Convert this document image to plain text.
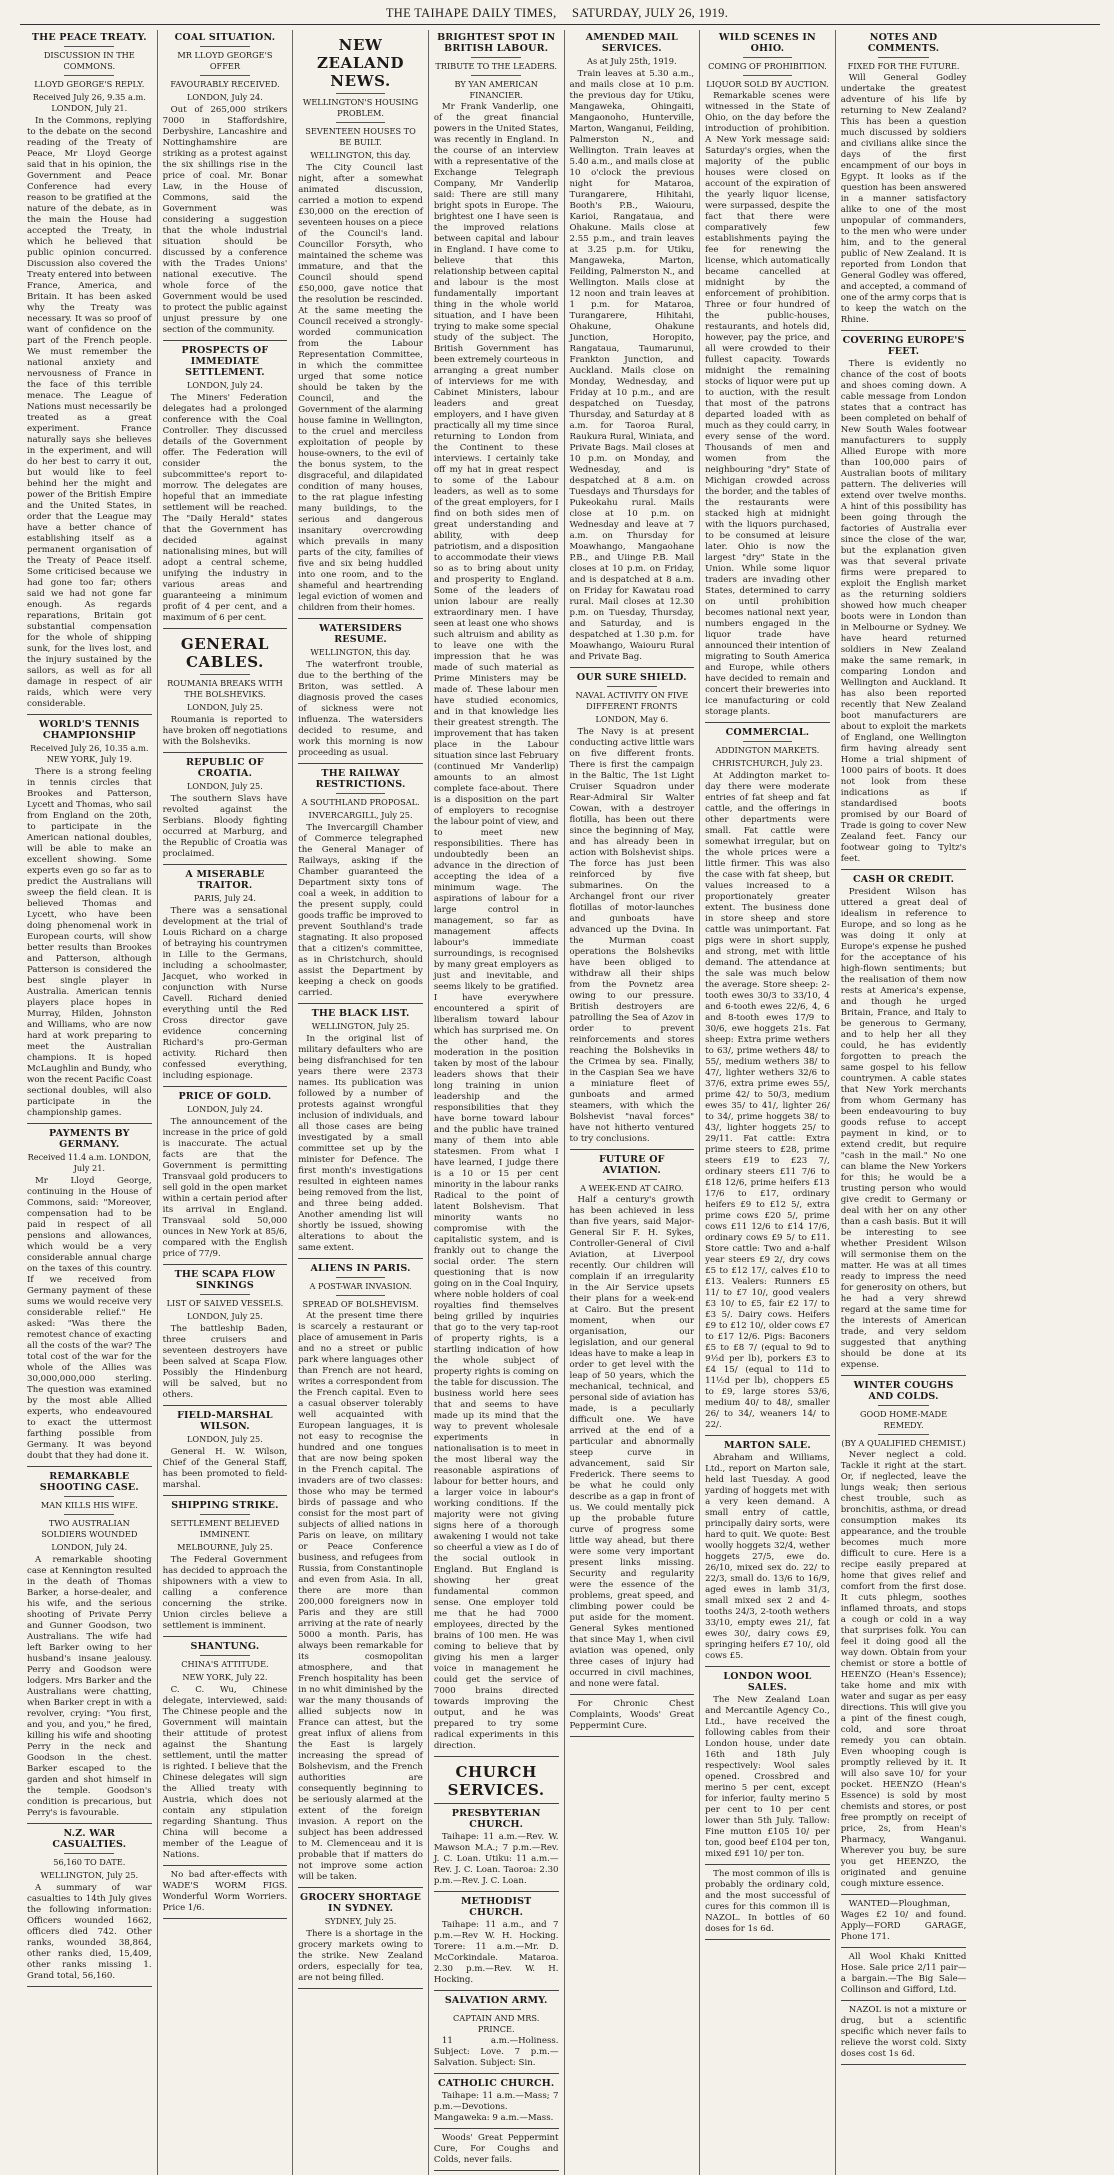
THE TAIHAPE DAILY TIMES, SATURDAY, JULY 26, 1919.
THE PEACE TREATY.
DISCUSSION IN THE COMMONS.
LLOYD GEORGE'S REPLY.
Received July 26, 9.35 a.m. LONDON, July 21.

In the Commons, replying to the debate on the second reading of the Treaty of Peace, Mr Lloyd George said that in his opinion, the Government and Peace Conference had every reason to be gratified at the nature of the debate, as in the main the House had accepted the Treaty, in which he believed that public opinion concurred. Discussion also covered the Treaty entered into between France, America, and Britain. It has been asked why the Treaty was necessary. It was so proof of want of confidence on the part of the French people. We must remember the national anxiety and nervousness of France in the face of this terrible menace. The League of Nations must necessarily be treated as a great experiment. France naturally says she believes in the experiment, and will do her best to carry it out, but would like to feel behind her the might and power of the British Empire and the United States, in order that the League may have a better chance of establishing itself as a permanent organisation of the Treaty of Peace itself. Some criticised because we had gone too far; others said we had not gone far enough. As regards reparations, Britain got substantial compensation for the whole of shipping sunk, for the lives lost, and the injury sustained by the sailors, as well as for all damage in respect of air raids, which were very considerable.

WORLD'S TENNIS CHAMPIONSHIP
Received July 26, 10.35 a.m. NEW YORK, July 19.

There is a strong feeling in tennis circles that Brookes and Patterson, Lycett and Thomas, who sail from England on the 20th, to participate in the American national doubles, will be able to make an excellent showing. Some experts even go so far as to predict the Australians will sweep the field clean. It is believed Thomas and Lycett, who have been doing phenomenal work in European courts, will show better results than Brookes and Patterson, although Patterson is considered the best single player in Australia. American tennis players place hopes in Murray, Hilden, Johnston and Williams, who are now hard at work preparing to meet the Australian champions. It is hoped McLaughlin and Bundy, who won the recent Pacific Coast sectional doubles, will also participate in the championship games.

PAYMENTS BY GERMANY.
Received 11.4 a.m. LONDON, July 21.

Mr Lloyd George, continuing in the House of Commons, said: "Moreover, compensation had to be paid in respect of all pensions and allowances, which would be a very considerable annual charge on the taxes of this country. If we received from Germany payment of these sums we would receive very considerable relief." He asked: "Was there the remotest chance of exacting all the costs of the war? The total cost of the war for the whole of the Allies was 30,000,000,000 sterling. The question was examined by the most able Allied experts, who endeavoured to exact the uttermost farthing possible from Germany. It was beyond doubt that they had done it.

REMARKABLE SHOOTING CASE.
MAN KILLS HIS WIFE.
TWO AUSTRALIAN SOLDIERS WOUNDED
LONDON, July 24.

A remarkable shooting case at Kennington resulted in the death of Thomas Barker, a horse-dealer, and his wife, and the serious shooting of Private Perry and Gunner Goodson, two Australians. The wife had left Barker owing to her husband's insane jealousy. Perry and Goodson were lodgers. Mrs Barker and the Australians were chatting, when Barker crept in with a revolver, crying: "You first, and you, and you," he fired, killing his wife and shooting Perry in the neck and Goodson in the chest. Barker escaped to the garden and shot himself in the temple. Goodson's condition is precarious, but Perry's is favourable.

N.Z. WAR CASUALTIES.
56,160 TO DATE.
WELLINGTON, July 25.

A summary of war casualties to 14th July gives the following information: Officers wounded 1662, officers died 742. Other ranks, wounded 38,864, other ranks died, 15,409, other ranks missing 1. Grand total, 56,160.

COAL SITUATION.
MR LLOYD GEORGE'S OFFER
FAVOURABLY RECEIVED.
LONDON, July 24.

Out of 265,000 strikers 7000 in Staffordshire, Derbyshire, Lancashire and Nottinghamshire are striking as a protest against the six shillings rise in the price of coal. Mr. Bonar Law, in the House of Commons, said the Government was considering a suggestion that the whole industrial situation should be discussed by a conference with the Trades Unions' national executive. The whole force of the Government would be used to protect the public against unjust pressure by one section of the community.

PROSPECTS OF IMMEDIATE SETTLEMENT.
LONDON, July 24.

The Miners' Federation delegates had a prolonged conference with the Coal Controller. They discussed details of the Government offer. The Federation will consider the subcommittee's report to-morrow. The delegates are hopeful that an immediate settlement will be reached. The "Daily Herald" states that the Government has decided against nationalising mines, but will adopt a central scheme, unifying the industry in various areas and guaranteeing a minimum profit of 4 per cent, and a maximum of 6 per cent.

GENERAL CABLES.
ROUMANIA BREAKS WITH THE BOLSHEVIKS.
LONDON, July 25.

Roumania is reported to have broken off negotiations with the Bolsheviks.

REPUBLIC OF CROATIA.
LONDON, July 25.

The southern Slavs have revolted against the Serbians. Bloody fighting occurred at Marburg, and the Republic of Croatia was proclaimed.

A MISERABLE TRAITOR.
PARIS, July 24.

There was a sensational development at the trial of Louis Richard on a charge of betraying his countrymen in Lille to the Germans, including a schoolmaster, Jacquet, who worked in conjunction with Nurse Cavell. Richard denied everything until the Red Cross director gave evidence concerning Richard's pro-German activity. Richard then confessed everything, including espionage.

PRICE OF GOLD.
LONDON, July 24.

The announcement of the increase in the price of gold is inaccurate. The actual facts are that the Government is permitting Transvaal gold producers to sell gold in the open market within a certain period after its arrival in England. Transvaal sold 50,000 ounces in New York at 85/6, compared with the English price of 77/9.

THE SCAPA FLOW SINKINGS
LIST OF SALVED VESSELS.
LONDON, July 25.

The battleship Baden, three cruisers and seventeen destroyers have been salved at Scapa Flow. Possibly the Hindenburg will be salved, but no others.

FIELD-MARSHAL WILSON.
LONDON, July 25.

General H. W. Wilson, Chief of the General Staff, has been promoted to field-marshal.

SHIPPING STRIKE.
SETTLEMENT BELIEVED IMMINENT.
MELBOURNE, July 25.

The Federal Government has decided to approach the shipowners with a view to calling a conference concerning the strike. Union circles believe a settlement is imminent.

SHANTUNG.
CHINA'S ATTITUDE.
NEW YORK, July 22.

C. C. Wu, Chinese delegate, interviewed, said: The Chinese people and the Government will maintain their attitude of protest against the Shantung settlement, until the matter is righted. I believe that the Chinese delegates will sign the Allied treaty with Austria, which does not contain any stipulation regarding Shantung. Thus China will become a member of the League of Nations.

No bad after-effects with WADE'S WORM FIGS. Wonderful Worm Worriers. Price 1/6.

NEW ZEALAND NEWS.
WELLINGTON'S HOUSING PROBLEM.
SEVENTEEN HOUSES TO BE BUILT.
WELLINGTON, this day.

The City Council last night, after a somewhat animated discussion, carried a motion to expend £30,000 on the erection of seventeen houses on a piece of the Council's land. Councillor Forsyth, who maintained the scheme was immature, and that the Council should spend £50,000, gave notice that the resolution be rescinded. At the same meeting the Council received a strongly-worded communication from the Labour Representation Committee, in which the committee urged that some notice should be taken by the Council, and the Government of the alarming house famine in Wellington, to the cruel and merciless exploitation of people by house-owners, to the evil of the bonus system, to the disgraceful, and dilapidated condition of many houses, to the rat plague infesting many buildings, to the serious and dangerous insanitary overcrowding which prevails in many parts of the city, families of five and six being huddled into one room, and to the shameful and heartrending legal eviction of women and children from their homes.

WATERSIDERS RESUME.
WELLINGTON, this day.

The waterfront trouble, due to the berthing of the Briton, was settled. A diagnosis proved the cases of sickness were not influenza. The watersiders decided to resume, and work this morning is now proceeding as usual.

THE RAILWAY RESTRICTIONS.
A SOUTHLAND PROPOSAL.
INVERCARGILL, July 25.

The Invercargill Chamber of Commerce telegraphed the General Manager of Railways, asking if the Chamber guaranteed the Department sixty tons of coal a week, in addition to the present supply, could goods traffic be improved to prevent Southland's trade stagnating. It also proposed that a citizen's committee, as in Christchurch, should assist the Department by keeping a check on goods carried.

THE BLACK LIST.
WELLINGTON, July 25.

In the original list of military defaulters who are being disfranchised for ten years there were 2373 names. Its publication was followed by a number of protests against wrongful inclusion of individuals, and all those cases are being investigated by a small committee set up by the minister for Defence. The first month's investigations resulted in eighteen names being removed from the list, and three being added. Another amending list will shortly be issued, showing alterations to about the same extent.

ALIENS IN PARIS.
A POST-WAR INVASION.
SPREAD OF BOLSHEVISM.

At the present time there is scarcely a restaurant or place of amusement in Paris and no a street or public park where languages other than French are not heard, writes a correspondent from the French capital. Even to a casual observer tolerably well acquainted with European languages, it is not easy to recognise the hundred and one tongues that are now being spoken in the French capital. The invaders are of two classes: those who may be termed birds of passage and who consist for the most part of subjects of allied nations in Paris on leave, on military or Peace Conference business, and refugees from Russia, from Constantinople and even from Asia. In all, there are more than 200,000 foreigners now in Paris and they are still arriving at the rate of nearly 5000 a month. Paris, has always been remarkable for its cosmopolitan atmosphere, and that French hospitality has been in no whit diminished by the war the many thousands of allied subjects now in France can attest, but the great influx of aliens from the East is largely increasing the spread of Bolshevism, and the French authorities are consequently beginning to be seriously alarmed at the extent of the foreign invasion. A report on the subject has been addressed to M. Clemenceau and it is probable that if matters do not improve some action will be taken.

GROCERY SHORTAGE IN SYDNEY.
SYDNEY, July 25.

There is a shortage in the grocery markets owing to the strike. New Zealand orders, especially for tea, are not being filled.

BRIGHTEST SPOT IN BRITISH LABOUR.
TRIBUTE TO THE LEADERS.
BY YAN AMERICAN FINANCIER.

Mr Frank Vanderlip, one of the great financial powers in the United States, was recently in England. In the course of an interview with a representative of the Exchange Telegraph Company, Mr Vanderlip said: There are still many bright spots in Europe. The brightest one I have seen is the improved relations between capital and labour in England. I have come to believe that this relationship between capital and labour is the most fundamentally important thing in the whole world situation, and I have been trying to make some special study of the subject. The British Government has been extremely courteous in arranging a great number of interviews for me with Cabinet Ministers, labour leaders and great employers, and I have given practically all my time since returning to London from the Continent to these interviews. I certainly take off my hat in great respect to some of the Labour leaders, as well as to some of the great employers, for I find on both sides men of great understanding and ability, with deep patriotism, and a disposition to accommodate their views so as to bring about unity and prosperity to England. Some of the leaders of union labour are really extraordinary men. I have seen at least one who shows such altruism and ability as to leave one with the impression that he was made of such material as Prime Ministers may be made of. These labour men have studied economics, and in that knowledge lies their greatest strength. The improvement that has taken place in the Labour situation since last February (continued Mr Vanderlip) amounts to an almost complete face-about. There is a disposition on the part of employers to recognise the labour point of view, and to meet new responsibilities. There has undoubtedly been an advance in the direction of accepting the idea of a minimum wage. The aspirations of labour for a large control in management, so far as management affects labour's immediate surroundings, is recognised by many great employers as just and inevitable, and seems likely to be gratified. I have everywhere encountered a spirit of liberalism toward labour which has surprised me. On the other hand, the moderation in the position taken by most of the labour leaders shows that their long training in union leadership and the responsibilities that they have borne toward labour and the public have trained many of them into able statesmen. From what I have learned, I judge there is a 10 or 15 per cent minority in the labour ranks Radical to the point of latent Bolshevism. That minority wants no compromise with the capitalistic system, and is frankly out to change the social order. The stern questioning that is now going on in the Coal Inquiry, where noble holders of coal royalties find themselves being grilled by inquiries that go to the very tap-root of property rights, is a startling indication of how the whole subject of property rights is coming on the table for discussion. The business world here sees that and seems to have made up its mind that the way to prevent wholesale experiments in nationalisation is to meet in the most liberal way the reasonable aspirations of labour for better hours, and a larger voice in labour's working conditions. If the majority were not giving signs here of a thorough awakening I would not take so cheerful a view as I do of the social outlook in England. But England is showing her great fundamental common sense. One employer told me that he had 7000 employees, directed by the brains of 100 men. He was coming to believe that by giving his men a larger voice in management he could get the service of 7000 brains directed towards improving the output, and he was prepared to try some radical experiments in this direction.

CHURCH SERVICES.
PRESBYTERIAN CHURCH.

Taihape: 11 a.m.—Rev. W. Mawson M.A.; 7 p.m.—Rev. J. C. Loan. Utiku: 11 a.m.—Rev. J. C. Loan. Taoroa: 2.30 p.m.—Rev. J. C. Loan.

METHODIST CHURCH.

Taihape: 11 a.m., and 7 p.m.—Rev W. H. Hocking. Torere: 11 a.m.—Mr. D. McCorkindale. Mataroa. 2.30 p.m.—Rev. W. H. Hocking.

SALVATION ARMY.
CAPTAIN AND MRS. PRINCE.

11 a.m.—Holiness. Subject: Love. 7 p.m.—Salvation. Subject: Sin.

CATHOLIC CHURCH.

Taihape: 11 a.m.—Mass; 7 p.m.—Devotions. Mangaweka: 9 a.m.—Mass.

Woods' Great Peppermint Cure, For Coughs and Colds, never fails.

AMENDED MAIL SERVICES.
As at July 25th, 1919.

Train leaves at 5.30 a.m., and mails close at 10 p.m. the previous day for Utiku, Mangaweka, Ohingaiti, Mangaonoho, Hunterville, Marton, Wanganui, Feilding, Palmerston N., and Wellington. Train leaves at 5.40 a.m., and mails close at 10 o'clock the previous night for Mataroa, Turangarere, Hihitahi, Booth's P.B., Waiouru, Karioi, Rangataua, and Ohakune. Mails close at 2.55 p.m., and train leaves at 3.25 p.m. for Utiku, Mangaweka, Marton, Feilding, Palmerston N., and Wellington. Mails close at 12 noon and train leaves at 1 p.m. for Mataroa, Turangarere, Hihitahi, Ohakune, Ohakune Junction, Horopito, Rangataua, Taumarunui, Frankton Junction, and Auckland. Mails close on Monday, Wednesday, and Friday at 10 p.m., and are despatched on Tuesday, Thursday, and Saturday at 8 a.m. for Taoroa Rural, Raukura Rural, Winiata, and Private Bags. Mail closes at 10 p.m. on Monday, and Wednesday, and is despatched at 8 a.m. on Tuesdays and Thursdays for Pukeokahu rural. Mails close at 10 p.m. on Wednesday and leave at 7 a.m. on Thursday for Moawhango, Mangaohane P.B., and Uiinge P.B. Mail closes at 10 p.m. on Friday, and is despatched at 8 a.m. on Friday for Kawatau road rural. Mail closes at 12.30 p.m. on Tuesday, Thursday, and Saturday, and is despatched at 1.30 p.m. for Moawhango, Waiouru Rural and Private Bag.

OUR SURE SHIELD.
NAVAL ACTIVITY ON FIVE DIFFERENT FRONTS
LONDON, May 6.

The Navy is at present conducting active little wars on five different fronts. There is first the campaign in the Baltic, The 1st Light Cruiser Squadron under Rear-Admiral Sir Walter Cowan, with a destroyer flotilla, has been out there since the beginning of May, and has already been in action with Bolshevist ships. The force has just been reinforced by five submarines. On the Archangel front our river flotillas of motor-launches and gunboats have advanced up the Dvina. In the Murman coast operations the Bolsheviks have been obliged to withdraw all their ships from the Povnetz area owing to our pressure. British destroyers are patrolling the Sea of Azov in order to prevent reinforcements and stores reaching the Bolsheviks in the Crimea by sea. Finally, in the Caspian Sea we have a miniature fleet of gunboats and armed steamers, with which the Bolshevist "naval forces" have not hitherto ventured to try conclusions.

FUTURE OF AVIATION.
A WEEK-END AT CAIRO.

Half a century's growth has been achieved in less than five years, said Major-General Sir F. H. Sykes, Controller-General of Civil Aviation, at Liverpool recently. Our children will complain if an irregularity in the Air Service upsets their plans for a week-end at Cairo. But the present moment, when our organisation, our legislation, and our general ideas have to make a leap in order to get level with the leap of 50 years, which the mechanical, technical, and personal side of aviation has made, is a peculiarly difficult one. We have arrived at the end of a particular and abnormally steep curve in advancement, said Sir Frederick. There seems to be what he could only describe as a gap in front of us. We could mentally pick up the probable future curve of progress some little way ahead, but there were some very important present links missing. Security and regularity were the essence of the problems, great speed, and climbing power could be put aside for the moment. General Sykes mentioned that since May 1, when civil aviation was opened, only three cases of injury had occurred in civil machines, and none were fatal.

For Chronic Chest Complaints, Woods' Great Peppermint Cure.

WILD SCENES IN OHIO.
COMING OF PROHIBITION.
LIQUOR SOLD BY AUCTION.

Remarkable scenes were witnessed in the State of Ohio, on the day before the introduction of prohibition. A New York message said: Saturday's orgies, when the majority of the public houses were closed on account of the expiration of the yearly liquor license, were surpassed, despite the fact that there were comparatively few establishments paying the fee for renewing the license, which automatically became cancelled at midnight by the enforcement of prohibition. Three or four hundred of the public-houses, restaurants, and hotels did, however, pay the price, and all were crowded to their fullest capacity. Towards midnight the remaining stocks of liquor were put up to auction, with the result that most of the patrons departed loaded with as much as they could carry, in every sense of the word. Thousands of men and women from the neighbouring "dry" State of Michigan crowded across the border, and the tables of the restaurants were stacked high at midnight with the liquors purchased, to be consumed at leisure later. Ohio is now the largest "dry" State in the Union. While some liquor traders are invading other States, determined to carry on until prohibition becomes national next year, numbers engaged in the liquor trade have announced their intention of migrating to South America and Europe, while others have decided to remain and concert their breweries into ice manufacturing or cold storage plants.

COMMERCIAL.
ADDINGTON MARKETS.
CHRISTCHURCH, July 23.

At Addington market to-day there were moderate entries of fat sheep and fat cattle, and the offerings in other departments were small. Fat cattle were somewhat irregular, but on the whole prices were a little firmer. This was also the case with fat sheep, but values increased to a proportionately greater extent. The business done in store sheep and store cattle was unimportant. Fat pigs were in short supply, and strong, met with little demand. The attendance at the sale was much below the average. Store sheep: 2-tooth ewes 30/3 to 33/10, 4 and 6-tooth ewes 22/6, 4, 6 and 8-tooth ewes 17/9 to 30/6, ewe hoggets 21s. Fat sheep: Extra prime wethers to 63/, prime wethers 48/ to 55/, medium wethers 38/ to 47/, lighter wethers 32/6 to 37/6, extra prime ewes 55/, prime 42/ to 50/3, medium ewes 35/ to 41/, lighter 26/ to 34/, prime hoggets 38/ to 43/, lighter hoggets 25/ to 29/11. Fat cattle: Extra prime steers to £28, prime steers £19 to £23 7/, ordinary steers £11 7/6 to £18 12/6, prime heifers £13 17/6 to £17, ordinary heifers £9 to £12 5/, extra prime cows £20 5/, prime cows £11 12/6 to £14 17/6, ordinary cows £9 5/ to £11. Store cattle: Two and a-half year steers £9 2/, dry cows £5 to £12 17/, calves £10 to £13. Vealers: Runners £5 11/ to £7 10/, good vealers £3 10/ to £5, fair £2 17/ to £3 5/. Dairy cows. Heifers £9 to £12 10/, older cows £7 to £17 12/6. Pigs: Baconers £5 to £8 7/ (equal to 9d to 9½d per lb), porkers £3 to £4 15/ (equal to 11d to 11½d per lb), choppers £5 to £9, large stores 53/6, medium 40/ to 48/, smaller 26/ to 34/, weaners 14/ to 22/.

MARTON SALE.

Abraham and Williams, Ltd., report on Marton sale, held last Tuesday. A good yarding of hoggets met with a very keen demand. A small entry of cattle, principally dairy sorts, were hard to quit. We quote: Best woolly hoggets 32/4, wether hoggets 27/5, ewe do. 26/10, mixed sex do. 22/ to 22/3, small do. 13/6 to 16/9, aged ewes in lamb 31/3, small mixed sex 2 and 4-tooths 24/3, 2-tooth wethers 33/10, empty ewes 21/, fat ewes 30/, dairy cows £9, springing heifers £7 10/, old cows £5.

LONDON WOOL SALES.

The New Zealand Loan and Mercantile Agency Co., Ltd., have received the following cables from their London house, under date 16th and 18th July respectively: Wool sales opened. Crossbred and merino 5 per cent, except for inferior, faulty merino 5 per cent to 10 per cent lower than 5th July. Tallow: Fine mutton £105 10/ per ton, good beef £104 per ton, mixed £91 10/ per ton.

The most common of ills is probably the ordinary cold, and the most successful of cures for this common ill is NAZOL. In bottles of 60 doses for 1s 6d.

NOTES AND COMMENTS.
FIXED FOR THE FUTURE.

Will General Godley undertake the greatest adventure of his life by returning to New Zealand? This has been a question much discussed by soldiers and civilians alike since the days of the first encampment of our boys in Egypt. It looks as if the question has been answered in a manner satisfactory alike to one of the most unpopular of commanders, to the men who were under him, and to the general public of New Zealand. It is reported from London that General Godley was offered, and accepted, a command of one of the army corps that is to keep the watch on the Rhine.

COVERING EUROPE'S FEET.

There is evidently no chance of the cost of boots and shoes coming down. A cable message from London states that a contract has been completed on behalf of New South Wales footwear manufacturers to supply Allied Europe with more than 100,000 pairs of Australian boots of military pattern. The deliveries will extend over twelve months. A hint of this possibility has been going through the factories of Australia ever since the close of the war, but the explanation given was that several private firms were prepared to exploit the English market as the returning soldiers showed how much cheaper boots were in London than in Melbourne or Sydney. We have heard returned soldiers in New Zealand make the same remark, in comparing London and Wellington and Auckland. It has also been reported recently that New Zealand boot manufacturers are about to exploit the markets of England, one Wellington firm having already sent Home a trial shipment of 1000 pairs of boots. It does not look from these indications as if standardised boots promised by our Board of Trade is going to cover New Zealand feet. Fancy our footwear going to Tyltz's feet.

CASH OR CREDIT.

President Wilson has uttered a great deal of idealism in reference to Europe, and so long as he was doing it only at Europe's expense he pushed for the acceptance of his high-flown sentiments; but the realisation of them now rests at America's expense, and though he urged Britain, France, and Italy to be generous to Germany, and to help her all they could, he has evidently forgotten to preach the same gospel to his fellow countrymen. A cable states that New York merchants from whom Germany has been endeavouring to buy goods refuse to accept payment in kind, or to extend credit, but require "cash in the mail." No one can blame the New Yorkers for this; he would be a trusting person who would give credit to Germany or deal with her on any other than a cash basis. But it will be interesting to see whether President Wilson will sermonise them on the matter. He was at all times ready to impress the need for generosity on others, but he had a very shrewd regard at the same time for the interests of American trade, and very seldom suggested that anything should be done at its expense.

WINTER COUGHS AND COLDS.
GOOD HOME-MADE REMEDY.
(BY A QUALIFIED CHEMIST.)

Never neglect a cold. Tackle it right at the start. Or, if neglected, leave the lungs weak; then serious chest trouble, such as bronchitis, asthma, or dread consumption makes its appearance, and the trouble becomes much more difficult to cure. Here is a recipe easily prepared at home that gives relief and comfort from the first dose. It cuts phlegm, soothes inflamed throats, and stops a cough or cold in a way that surprises folk. You can feel it doing good all the way down. Obtain from your chemist or store a bottle of HEENZO (Hean's Essence); take home and mix with water and sugar as per easy directions. This will give you a pint of the finest cough, cold, and sore throat remedy you can obtain. Even whooping cough is promptly relieved by it. It will also save 10/ for your pocket. HEENZO (Hean's Essence) is sold by most chemists and stores, or post free promptly on receipt of price, 2s, from Hean's Pharmacy, Wanganui. Wherever you buy, be sure you get HEENZO, the originated and genuine cough mixture essence.

WANTED—Ploughman, Wages £2 10/ and found. Apply—FORD GARAGE, Phone 171.

All Wool Khaki Knitted Hose. Sale price 2/11 pair—a bargain.—The Big Sale—Collinson and Gifford, Ltd.

NAZOL is not a mixture or drug, but a scientific specific which never fails to relieve the worst cold. Sixty doses cost 1s 6d.
